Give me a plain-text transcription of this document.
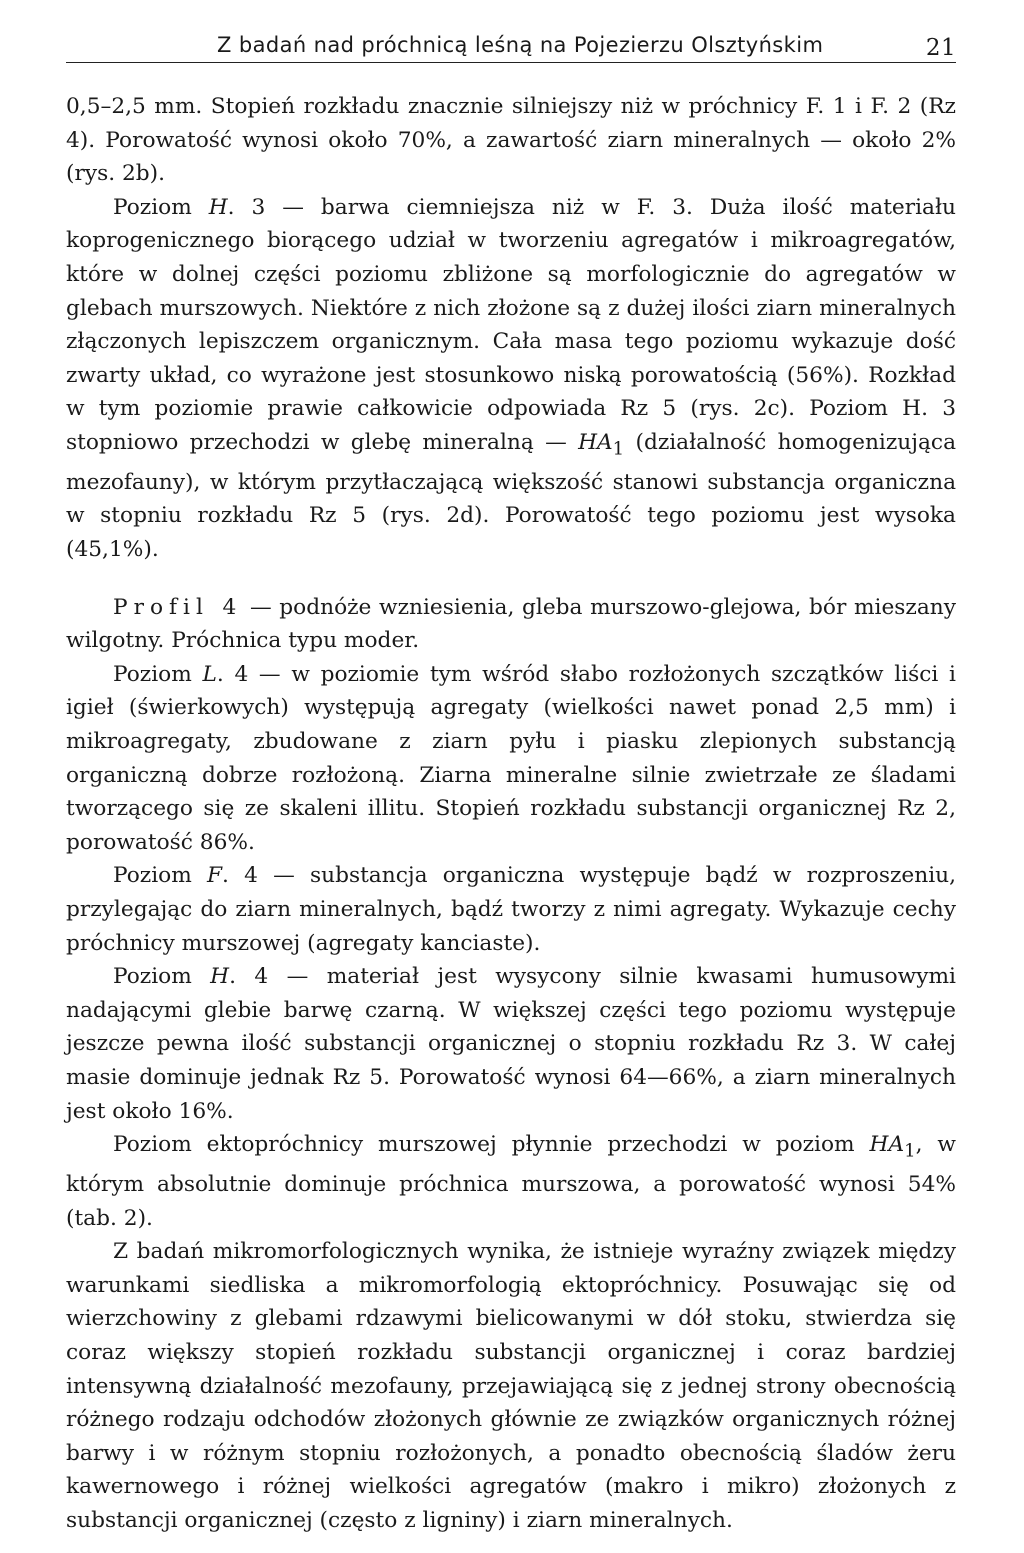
Z badań nad próchnicą leśną na Pojezierzu Olsztyńskim	21

0,5–2,5 mm. Stopień rozkładu znacznie silniejszy niż w próchnicy F. 1 i F. 2 (Rz 4). Porowatość wynosi około 70%, a zawartość ziarn mineralnych — około 2% (rys. 2b).

Poziom H. 3 — barwa ciemniejsza niż w F. 3. Duża ilość materiału koprogenicznego biorącego udział w tworzeniu agregatów i mikroagregatów, które w dolnej części poziomu zbliżone są morfologicznie do agregatów w glebach murszowych. Niektóre z nich złożone są z dużej ilości ziarn mineralnych złączonych lepiszczem organicznym. Cała masa tego poziomu wykazuje dość zwarty układ, co wyrażone jest stosunkowo niską porowatością (56%). Rozkład w tym poziomie prawie całkowicie odpowiada Rz 5 (rys. 2c). Poziom H. 3 stopniowo przechodzi w glebę mineralną — $HA_1$ (działalność homogenizująca mezofauny), w którym przytłaczającą większość stanowi substancja organiczna w stopniu rozkładu Rz 5 (rys. 2d). Porowatość tego poziomu jest wysoka (45,1%).

Profil 4 — podnóże wzniesienia, gleba murszowo-glejowa, bór mieszany wilgotny. Próchnica typu moder.

Poziom L. 4 — w poziomie tym wśród słabo rozłożonych szczątków liści i igieł (świerkowych) występują agregaty (wielkości nawet ponad 2,5 mm) i mikroagregaty, zbudowane z ziarn pyłu i piasku zlepionych substancją organiczną dobrze rozłożoną. Ziarna mineralne silnie zwietrzałe ze śladami tworzącego się ze skaleni illitu. Stopień rozkładu substancji organicznej Rz 2, porowatość 86%.

Poziom F. 4 — substancja organiczna występuje bądź w rozproszeniu, przylegając do ziarn mineralnych, bądź tworzy z nimi agregaty. Wykazuje cechy próchnicy murszowej (agregaty kanciaste).

Poziom H. 4 — materiał jest wysycony silnie kwasami humusowymi nadającymi glebie barwę czarną. W większej części tego poziomu występuje jeszcze pewna ilość substancji organicznej o stopniu rozkładu Rz 3. W całej masie dominuje jednak Rz 5. Porowatość wynosi 64—66%, a ziarn mineralnych jest około 16%.

Poziom ektopróchnicy murszowej płynnie przechodzi w poziom $HA_1$, w którym absolutnie dominuje próchnica murszowa, a porowatość wynosi 54% (tab. 2).

Z badań mikromorfologicznych wynika, że istnieje wyraźny związek między warunkami siedliska a mikromorfologią ektopróchnicy. Posuwając się od wierzchowiny z glebami rdzawymi bielicowanymi w dół stoku, stwierdza się coraz większy stopień rozkładu substancji organicznej i coraz bardziej intensywną działalność mezofauny, przejawiającą się z jednej strony obecnością różnego rodzaju odchodów złożonych głównie ze związków organicznych różnej barwy i w różnym stopniu rozłożonych, a ponadto obecnością śladów żeru kawernowego i różnej wielkości agregatów (makro i mikro) złożonych z substancji organicznej (często z ligniny) i ziarn mineralnych.
